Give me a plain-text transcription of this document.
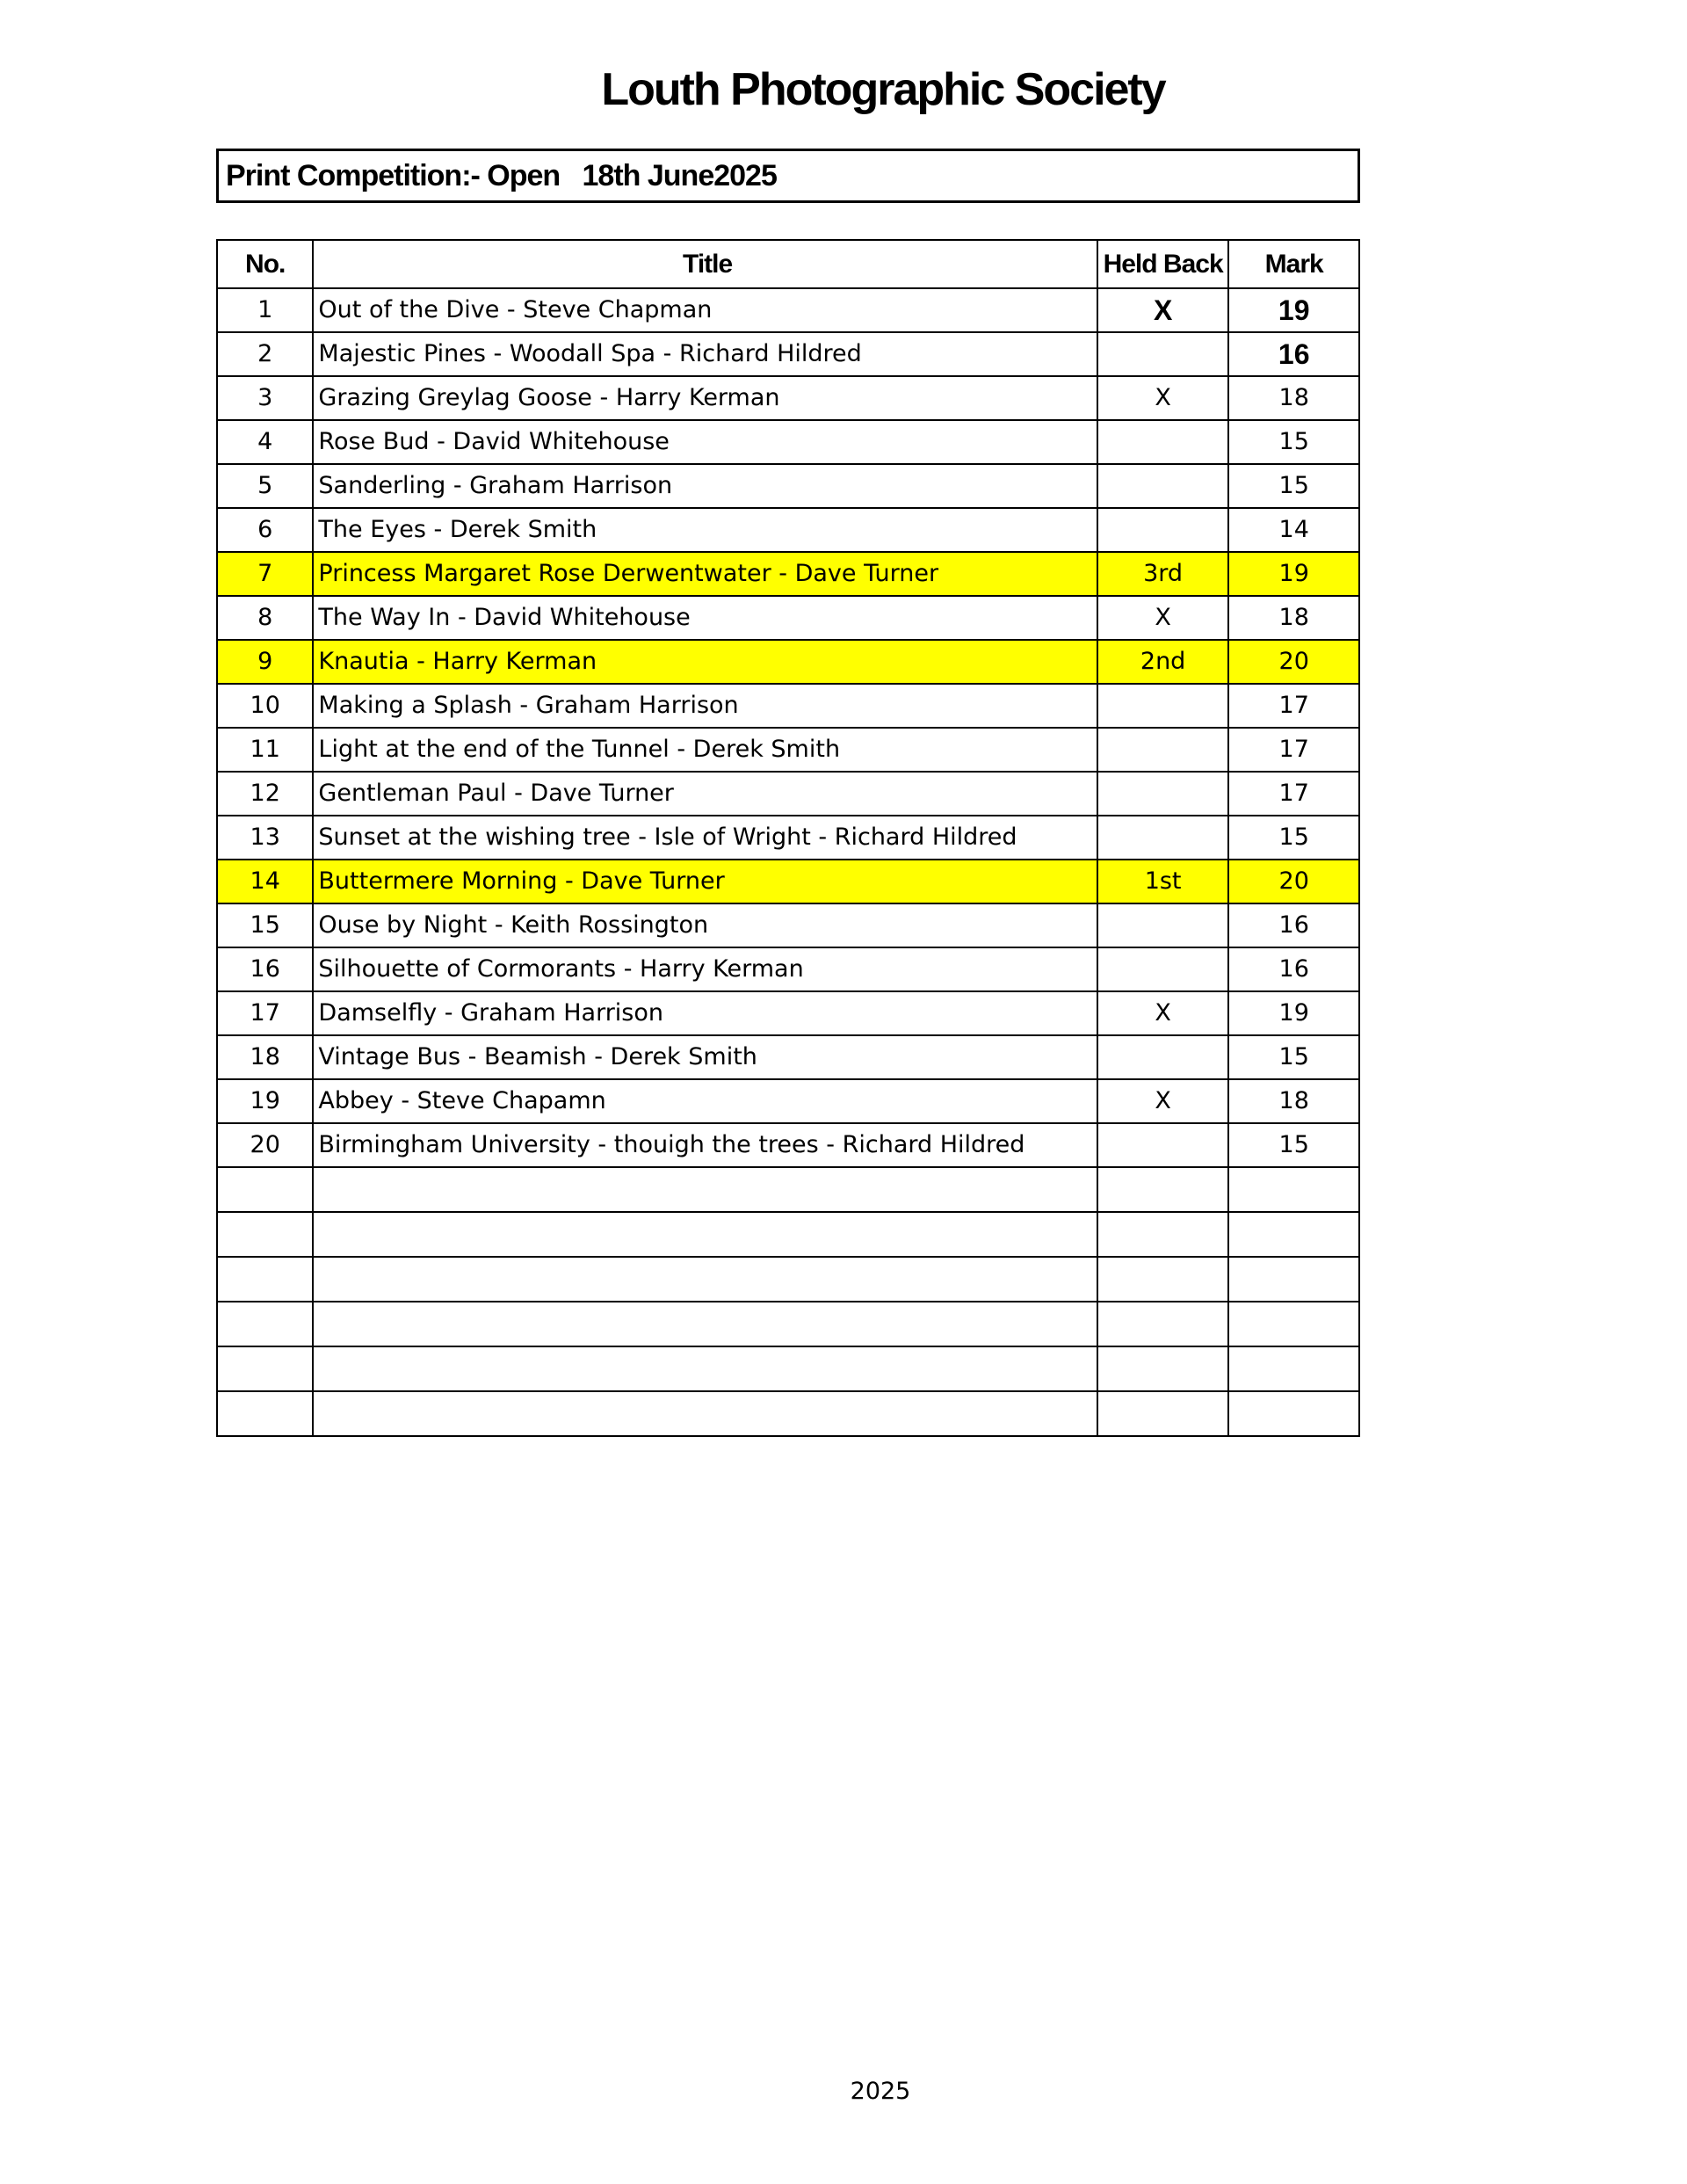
Louth Photographic Society
Print Competition:- Open   18th June2025
No.	Title	Held Back	Mark
1	Out of the Dive - Steve Chapman	X	19
2	Majestic Pines - Woodall Spa - Richard Hildred		16
3	Grazing Greylag Goose - Harry Kerman	X	18
4	Rose Bud - David Whitehouse		15
5	Sanderling - Graham Harrison		15
6	The Eyes - Derek Smith		14
7	Princess Margaret Rose Derwentwater - Dave Turner	3rd	19
8	The Way In - David Whitehouse	X	18
9	Knautia - Harry Kerman	2nd	20
10	Making a Splash - Graham Harrison		17
11	Light at the end of the Tunnel - Derek Smith		17
12	Gentleman Paul - Dave Turner		17
13	Sunset at the wishing tree - Isle of Wright - Richard Hildred		15
14	Buttermere Morning - Dave Turner	1st	20
15	Ouse by Night - Keith Rossington		16
16	Silhouette of Cormorants - Harry Kerman		16
17	Damselfly - Graham Harrison	X	19
18	Vintage Bus - Beamish - Derek Smith		15
19	Abbey - Steve Chapamn	X	18
20	Birmingham University - thouigh the trees - Richard Hildred		15

2025
